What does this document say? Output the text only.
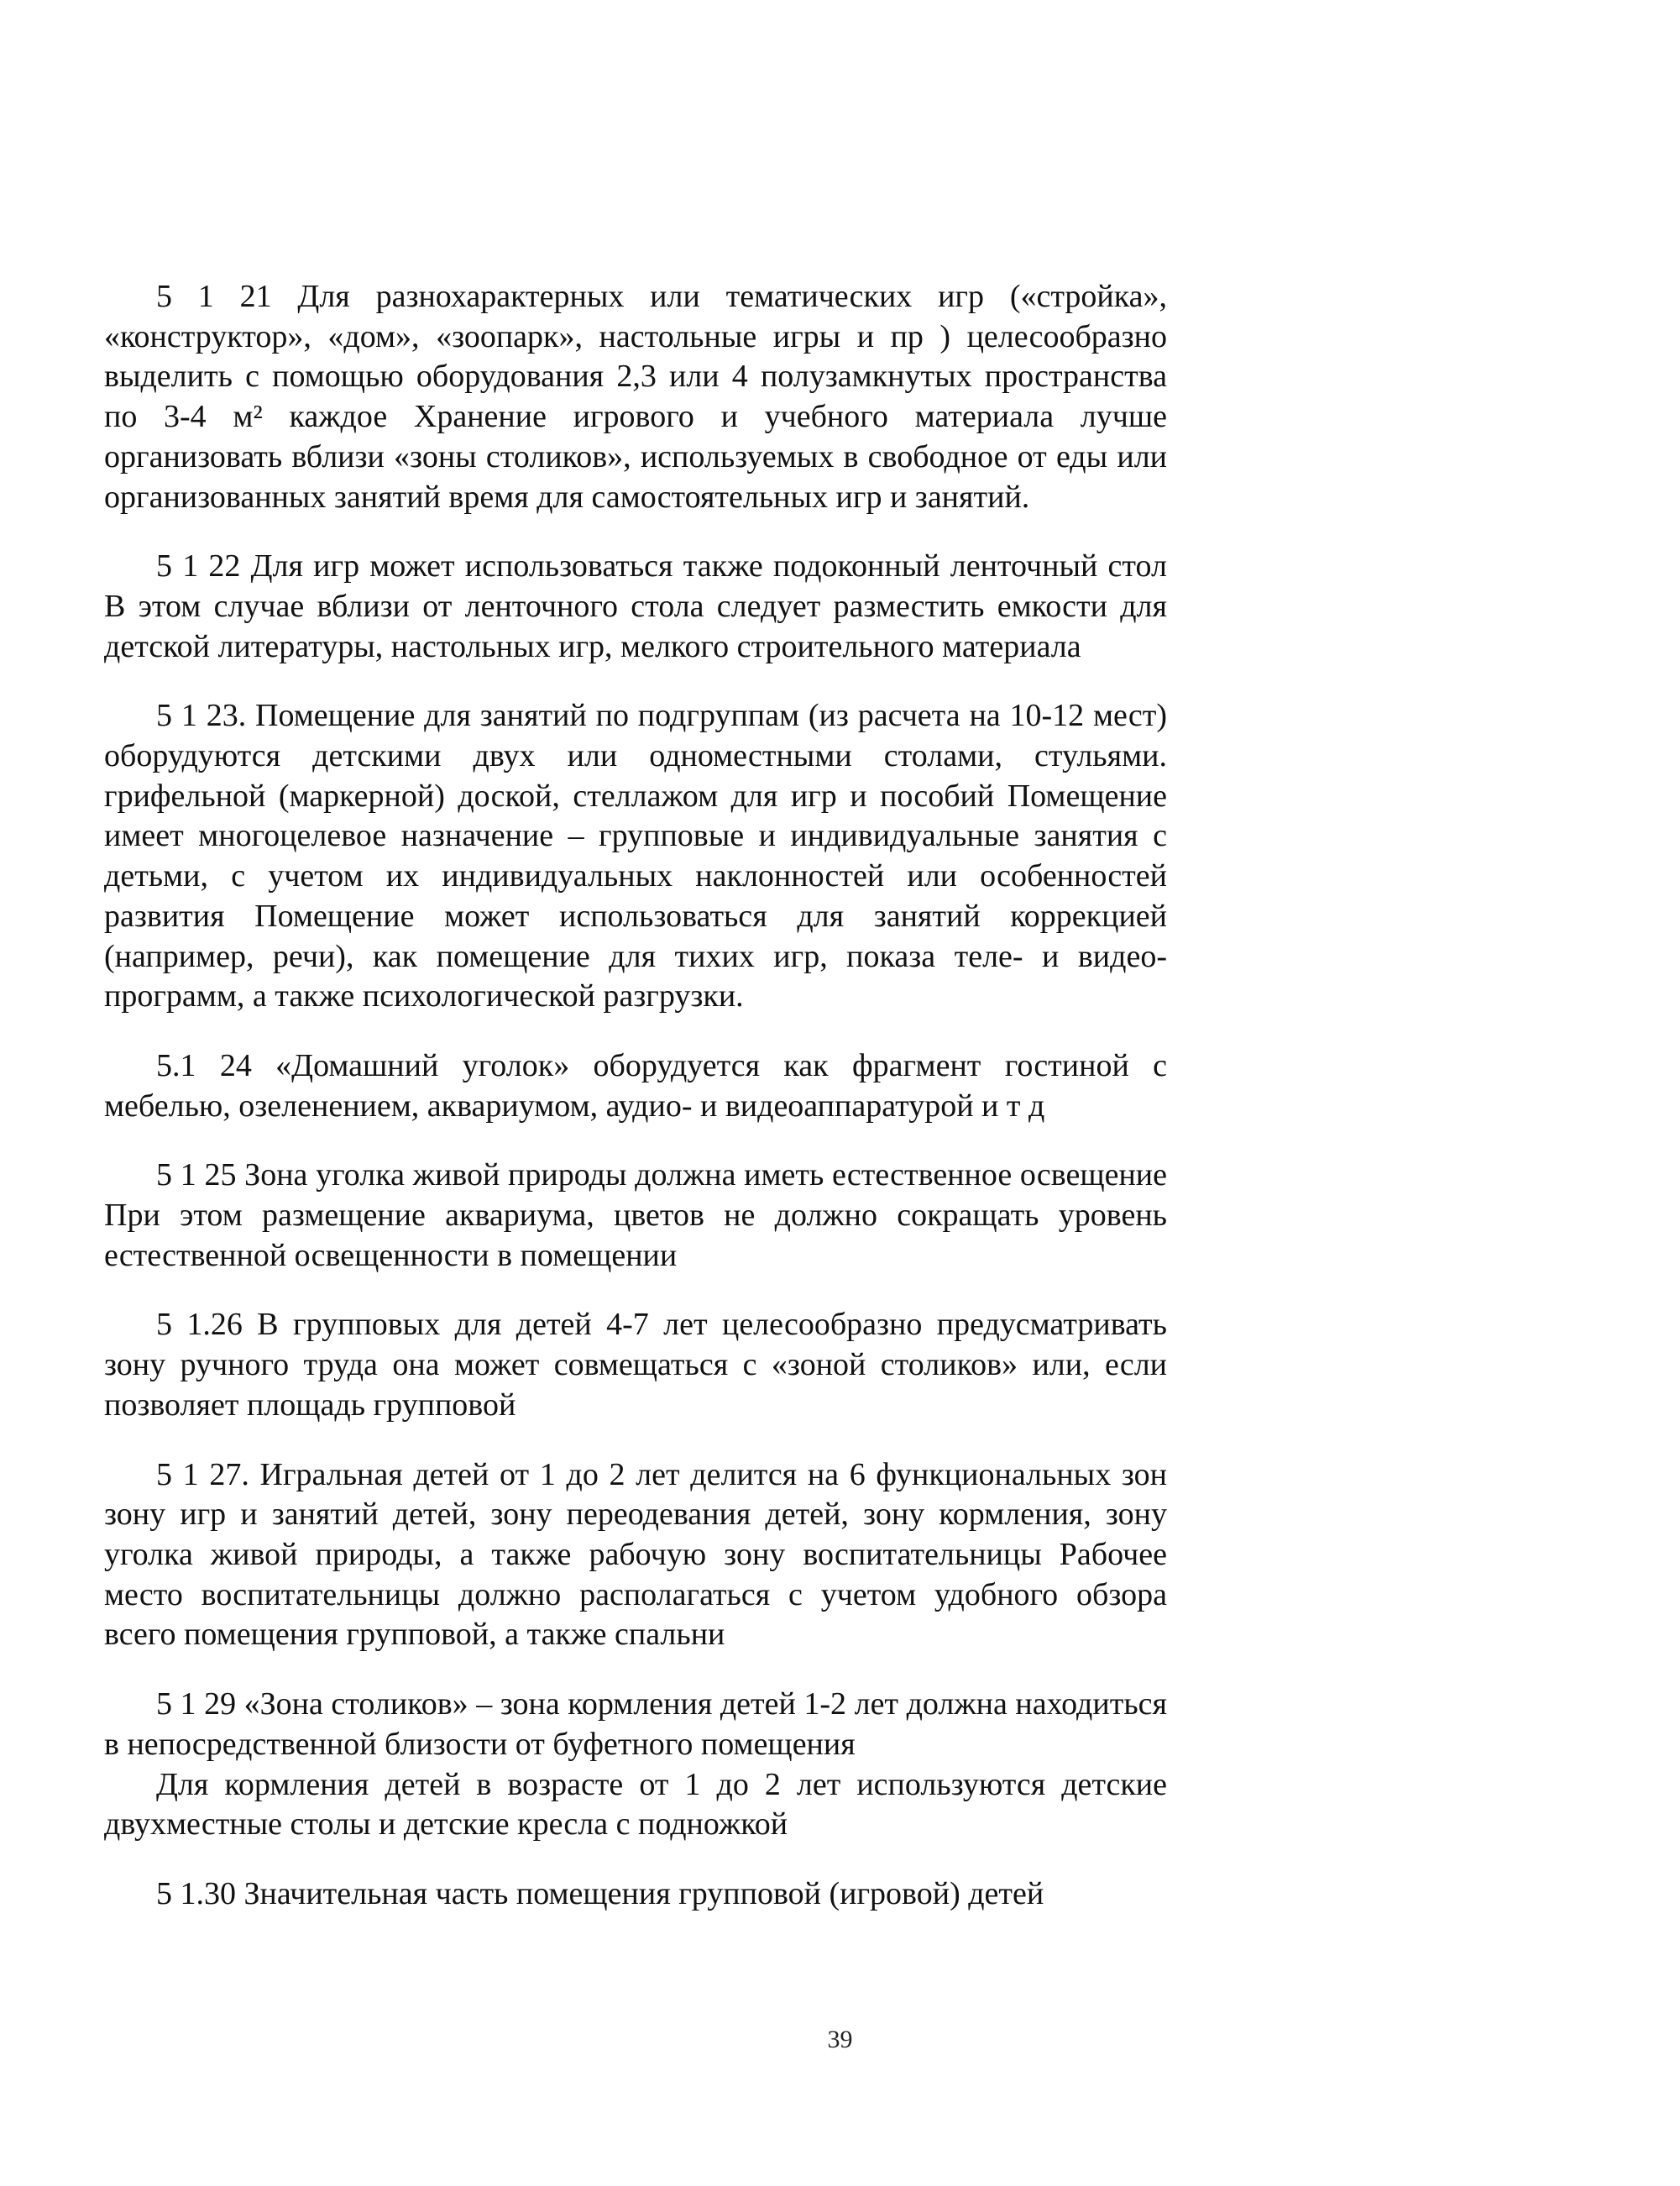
5 1 21 Для разнохарактерных или тематических игр («стройка», «конструктор», «дом», «зоопарк», настольные игры и пр ) целесообразно выделить с помощью оборудования 2,3 или 4 полузамкнутых пространства по 3-4 м² каждое Хранение игрового и учебного материала лучше организовать вблизи «зоны столиков», используемых в свободное от еды или организованных занятий время для самостоятельных игр и занятий.

5 1 22 Для игр может использоваться также подоконный ленточный стол В этом случае вблизи от ленточного стола следует разместить емкости для детской литературы, настольных игр, мелкого строительного материала

5 1 23. Помещение для занятий по подгруппам (из расчета на 10-12 мест) оборудуются детскими двух или одноместными столами, стульями. грифельной (маркерной) доской, стеллажом для игр и пособий Помещение имеет многоцелевое назначение – групповые и индивидуальные занятия с детьми, с учетом их индивидуальных наклонностей или особенностей развития Помещение может использоваться для занятий коррекцией (например, речи), как помещение для тихих игр, показа теле- и видео-программ, а также психологической разгрузки.

5.1 24 «Домашний уголок» оборудуется как фрагмент гостиной с мебелью, озеленением, аквариумом, аудио- и видеоаппаратурой и т д

5 1 25 Зона уголка живой природы должна иметь естественное освещение При этом размещение аквариума, цветов не должно сокращать уровень естественной освещенности в помещении

5 1.26 В групповых для детей 4-7 лет целесообразно предусматривать зону ручного труда она может совмещаться с «зоной столиков» или, если позволяет площадь групповой

5 1 27. Игральная детей от 1 до 2 лет делится на 6 функциональных зон зону игр и занятий детей, зону переодевания детей, зону кормления, зону уголка живой природы, а также рабочую зону воспитательницы Рабочее место воспитательницы должно располагаться с учетом удобного обзора всего помещения групповой, а также спальни

5 1 29 «Зона столиков» – зона кормления детей 1-2 лет должна находиться в непосредственной близости от буфетного помещения

Для кормления детей в возрасте от 1 до 2 лет используются детские двухместные столы и детские кресла с подножкой

5 1.30 Значительная часть помещения групповой (игровой) детей

39
